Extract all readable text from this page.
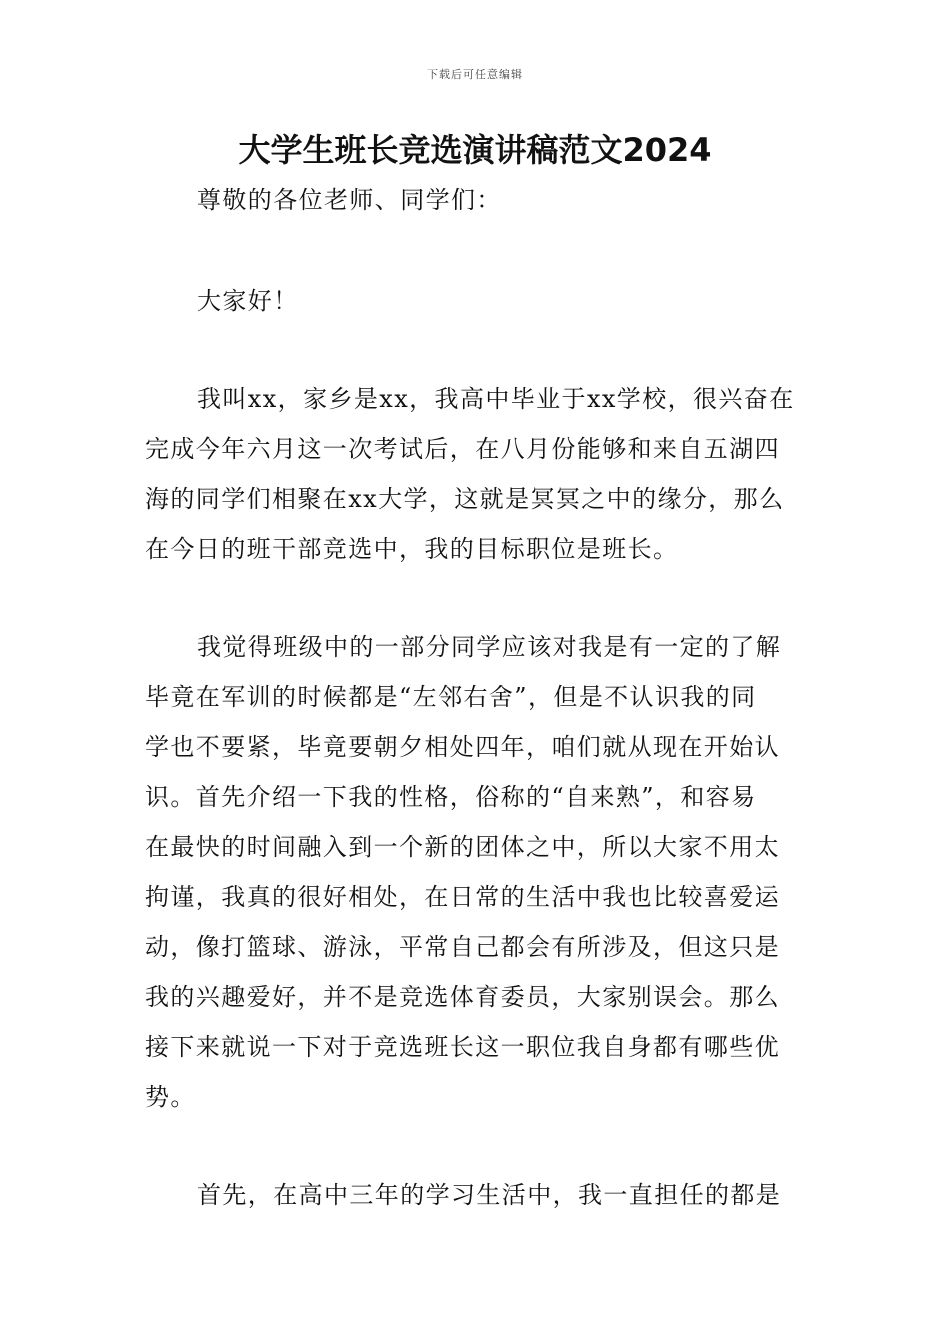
下载后可任意编辑
大学生班长竞选演讲稿范文2024

尊敬的各位老师、同学们：

大家好！

我叫xx，家乡是xx，我高中毕业于xx学校，很兴奋在
完成今年六月这一次考试后，在八月份能够和来自五湖四
海的同学们相聚在xx大学，这就是冥冥之中的缘分，那么
在今日的班干部竞选中，我的目标职位是班长。

我觉得班级中的一部分同学应该对我是有一定的了解
毕竟在军训的时候都是“左邻右舍”，但是不认识我的同
学也不要紧，毕竟要朝夕相处四年，咱们就从现在开始认
识。首先介绍一下我的性格，俗称的“自来熟”，和容易
在最快的时间融入到一个新的团体之中，所以大家不用太
拘谨，我真的很好相处，在日常的生活中我也比较喜爱运
动，像打篮球、游泳，平常自己都会有所涉及，但这只是
我的兴趣爱好，并不是竞选体育委员，大家别误会。那么
接下来就说一下对于竞选班长这一职位我自身都有哪些优
势。

首先，在高中三年的学习生活中，我一直担任的都是
